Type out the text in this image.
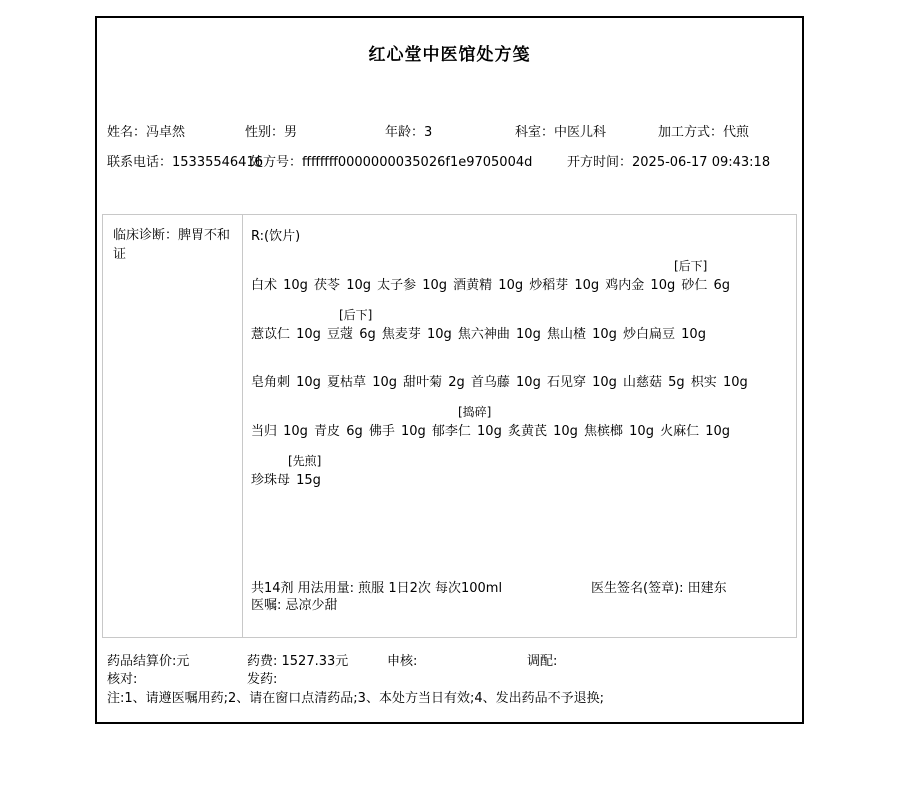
红心堂中医馆处方笺
姓名：冯卓然	性别：男	年龄：3	科室：中医儿科	加工方式：代煎
联系电话：15335546416
处方号：ffffffff0000000035026f1e9705004d	开方时间：2025-06-17 09:43:18
临床诊断：脾胃不和证
R:(饮片)
[后下]
白术 10g 茯苓 10g 太子参 10g 酒黄精 10g 炒稻芽 10g 鸡内金 10g 砂仁 6g
[后下]
薏苡仁 10g 豆蔻 6g 焦麦芽 10g 焦六神曲 10g 焦山楂 10g 炒白扁豆 10g
皂角刺 10g 夏枯草 10g 甜叶菊 2g 首乌藤 10g 石见穿 10g 山慈菇 5g 枳实 10g
[捣碎]
当归 10g 青皮 6g 佛手 10g 郁李仁 10g 炙黄芪 10g 焦槟榔 10g 火麻仁 10g
[先煎]
珍珠母 15g
共14剂 用法用量: 煎服 1日2次 每次100ml	医生签名(签章): 田建东
医嘱: 忌凉少甜
药品结算价:元	药费: 1527.33元	申核:	调配:
核对:	发药:
注:1、请遵医嘱用药;2、请在窗口点清药品;3、本处方当日有效;4、发出药品不予退换;
